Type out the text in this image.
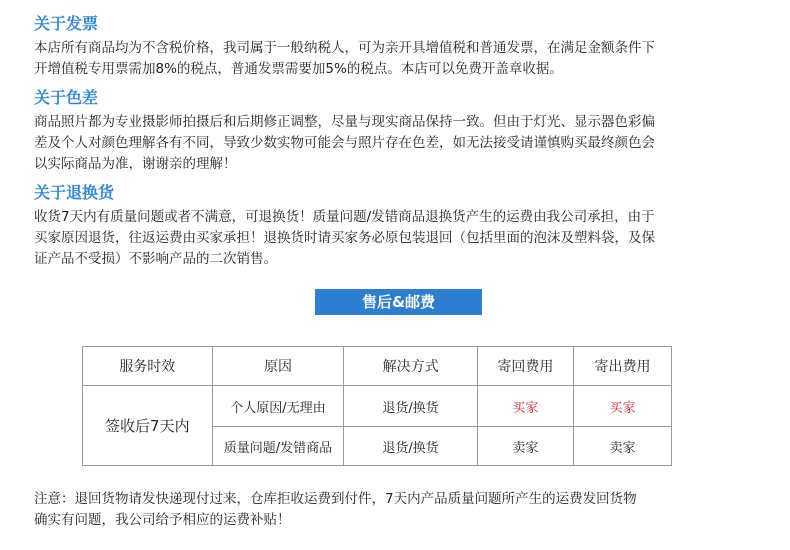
关于发票

本店所有商品均为不含税价格，我司属于一般纳税人，可为亲开具增值税和普通发票，在满足金额条件下

开增值税专用票需加8%的税点，普通发票需要加5%的税点。本店可以免费开盖章收据。

关于色差

商品照片都为专业摄影师拍摄后和后期修正调整，尽量与现实商品保持一致。但由于灯光、显示器色彩偏

差及个人对颜色理解各有不同，导致少数实物可能会与照片存在色差，如无法接受请谨慎购买最终颜色会

以实际商品为准，谢谢亲的理解！

关于退换货

收货7天内有质量问题或者不满意，可退换货！质量问题/发错商品退换货产生的运费由我公司承担，由于

买家原因退货，往返运费由买家承担！退换货时请买家务必原包装退回（包括里面的泡沫及塑料袋，及保

证产品不受损）不影响产品的二次销售。

售后&邮费
服务时效	原因	解决方式	寄回费用	寄出费用
签收后7天内	个人原因/无理由	退货/换货	买家	买家
	质量问题/发错商品	退货/换货	卖家	卖家

注意：退回货物请发快递现付过来，仓库拒收运费到付件，7天内产品质量问题所产生的运费发回货物

确实有问题，我公司给予相应的运费补贴！
